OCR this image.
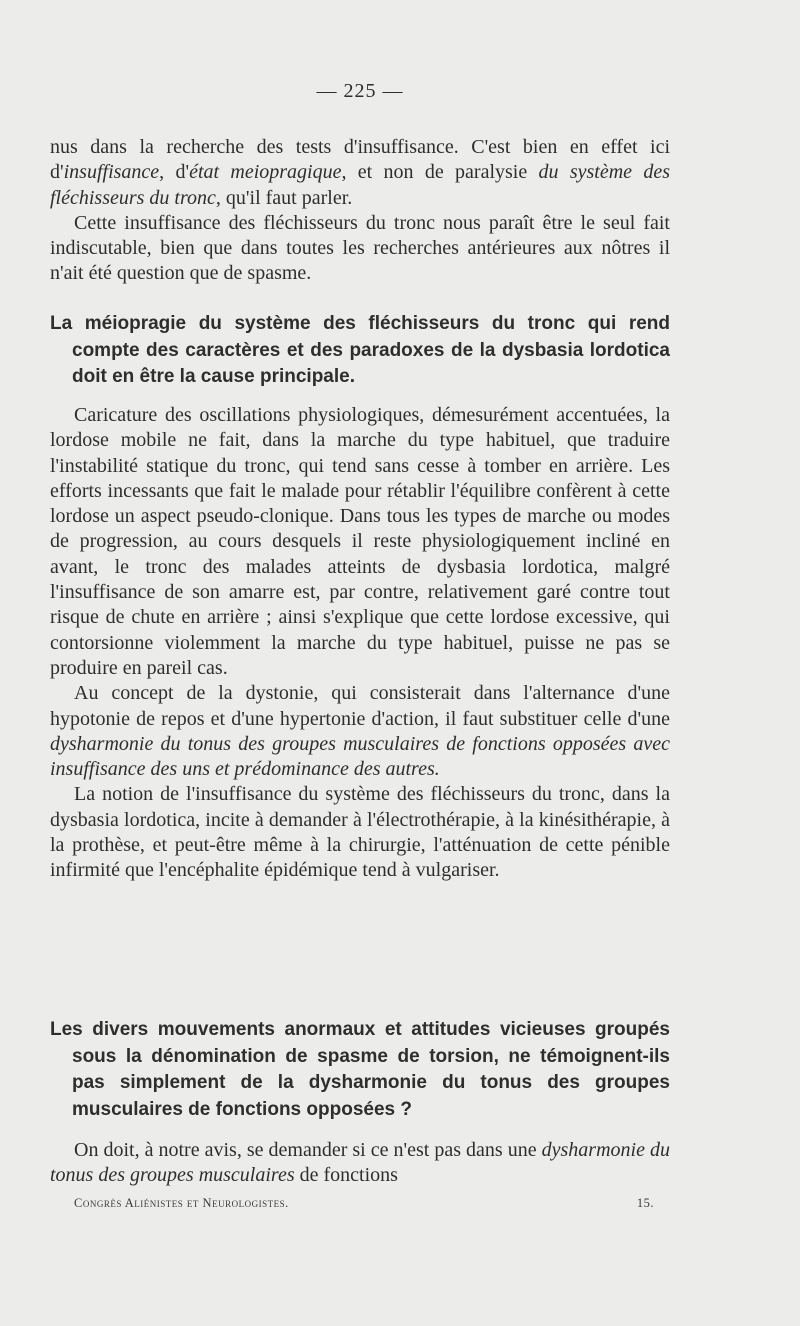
— 225 —

nus dans la recherche des tests d'insuffisance. C'est bien en effet ici d'insuffisance, d'état meiopragique, et non de paralysie du système des fléchisseurs du tronc, qu'il faut parler.

Cette insuffisance des fléchisseurs du tronc nous paraît être le seul fait indiscutable, bien que dans toutes les recherches antérieures aux nôtres il n'ait été question que de spasme.

La méiopragie du système des fléchisseurs du tronc qui rend compte des caractères et des paradoxes de la dysbasia lordotica doit en être la cause principale.

Caricature des oscillations physiologiques, démesurément accentuées, la lordose mobile ne fait, dans la marche du type habituel, que traduire l'instabilité statique du tronc, qui tend sans cesse à tomber en arrière. Les efforts incessants que fait le malade pour rétablir l'équilibre confèrent à cette lordose un aspect pseudo-clonique. Dans tous les types de marche ou modes de progression, au cours desquels il reste physiologiquement incliné en avant, le tronc des malades atteints de dysbasia lordotica, malgré l'insuffisance de son amarre est, par contre, relativement garé contre tout risque de chute en arrière ; ainsi s'explique que cette lordose excessive, qui contorsionne violemment la marche du type habituel, puisse ne pas se produire en pareil cas.

Au concept de la dystonie, qui consisterait dans l'alternance d'une hypotonie de repos et d'une hypertonie d'action, il faut substituer celle d'une dysharmonie du tonus des groupes musculaires de fonctions opposées avec insuffisance des uns et prédominance des autres.

La notion de l'insuffisance du système des fléchisseurs du tronc, dans la dysbasia lordotica, incite à demander à l'électrothérapie, à la kinésithérapie, à la prothèse, et peut-être même à la chirurgie, l'atténuation de cette pénible infirmité que l'encéphalite épidémique tend à vulgariser.

Les divers mouvements anormaux et attitudes vicieuses groupés sous la dénomination de spasme de torsion, ne témoignent-ils pas simplement de la dysharmonie du tonus des groupes musculaires de fonctions opposées ?

On doit, à notre avis, se demander si ce n'est pas dans une dysharmonie du tonus des groupes musculaires de fonctions

Congrès Aliénistes et Neurologistes.	15.
